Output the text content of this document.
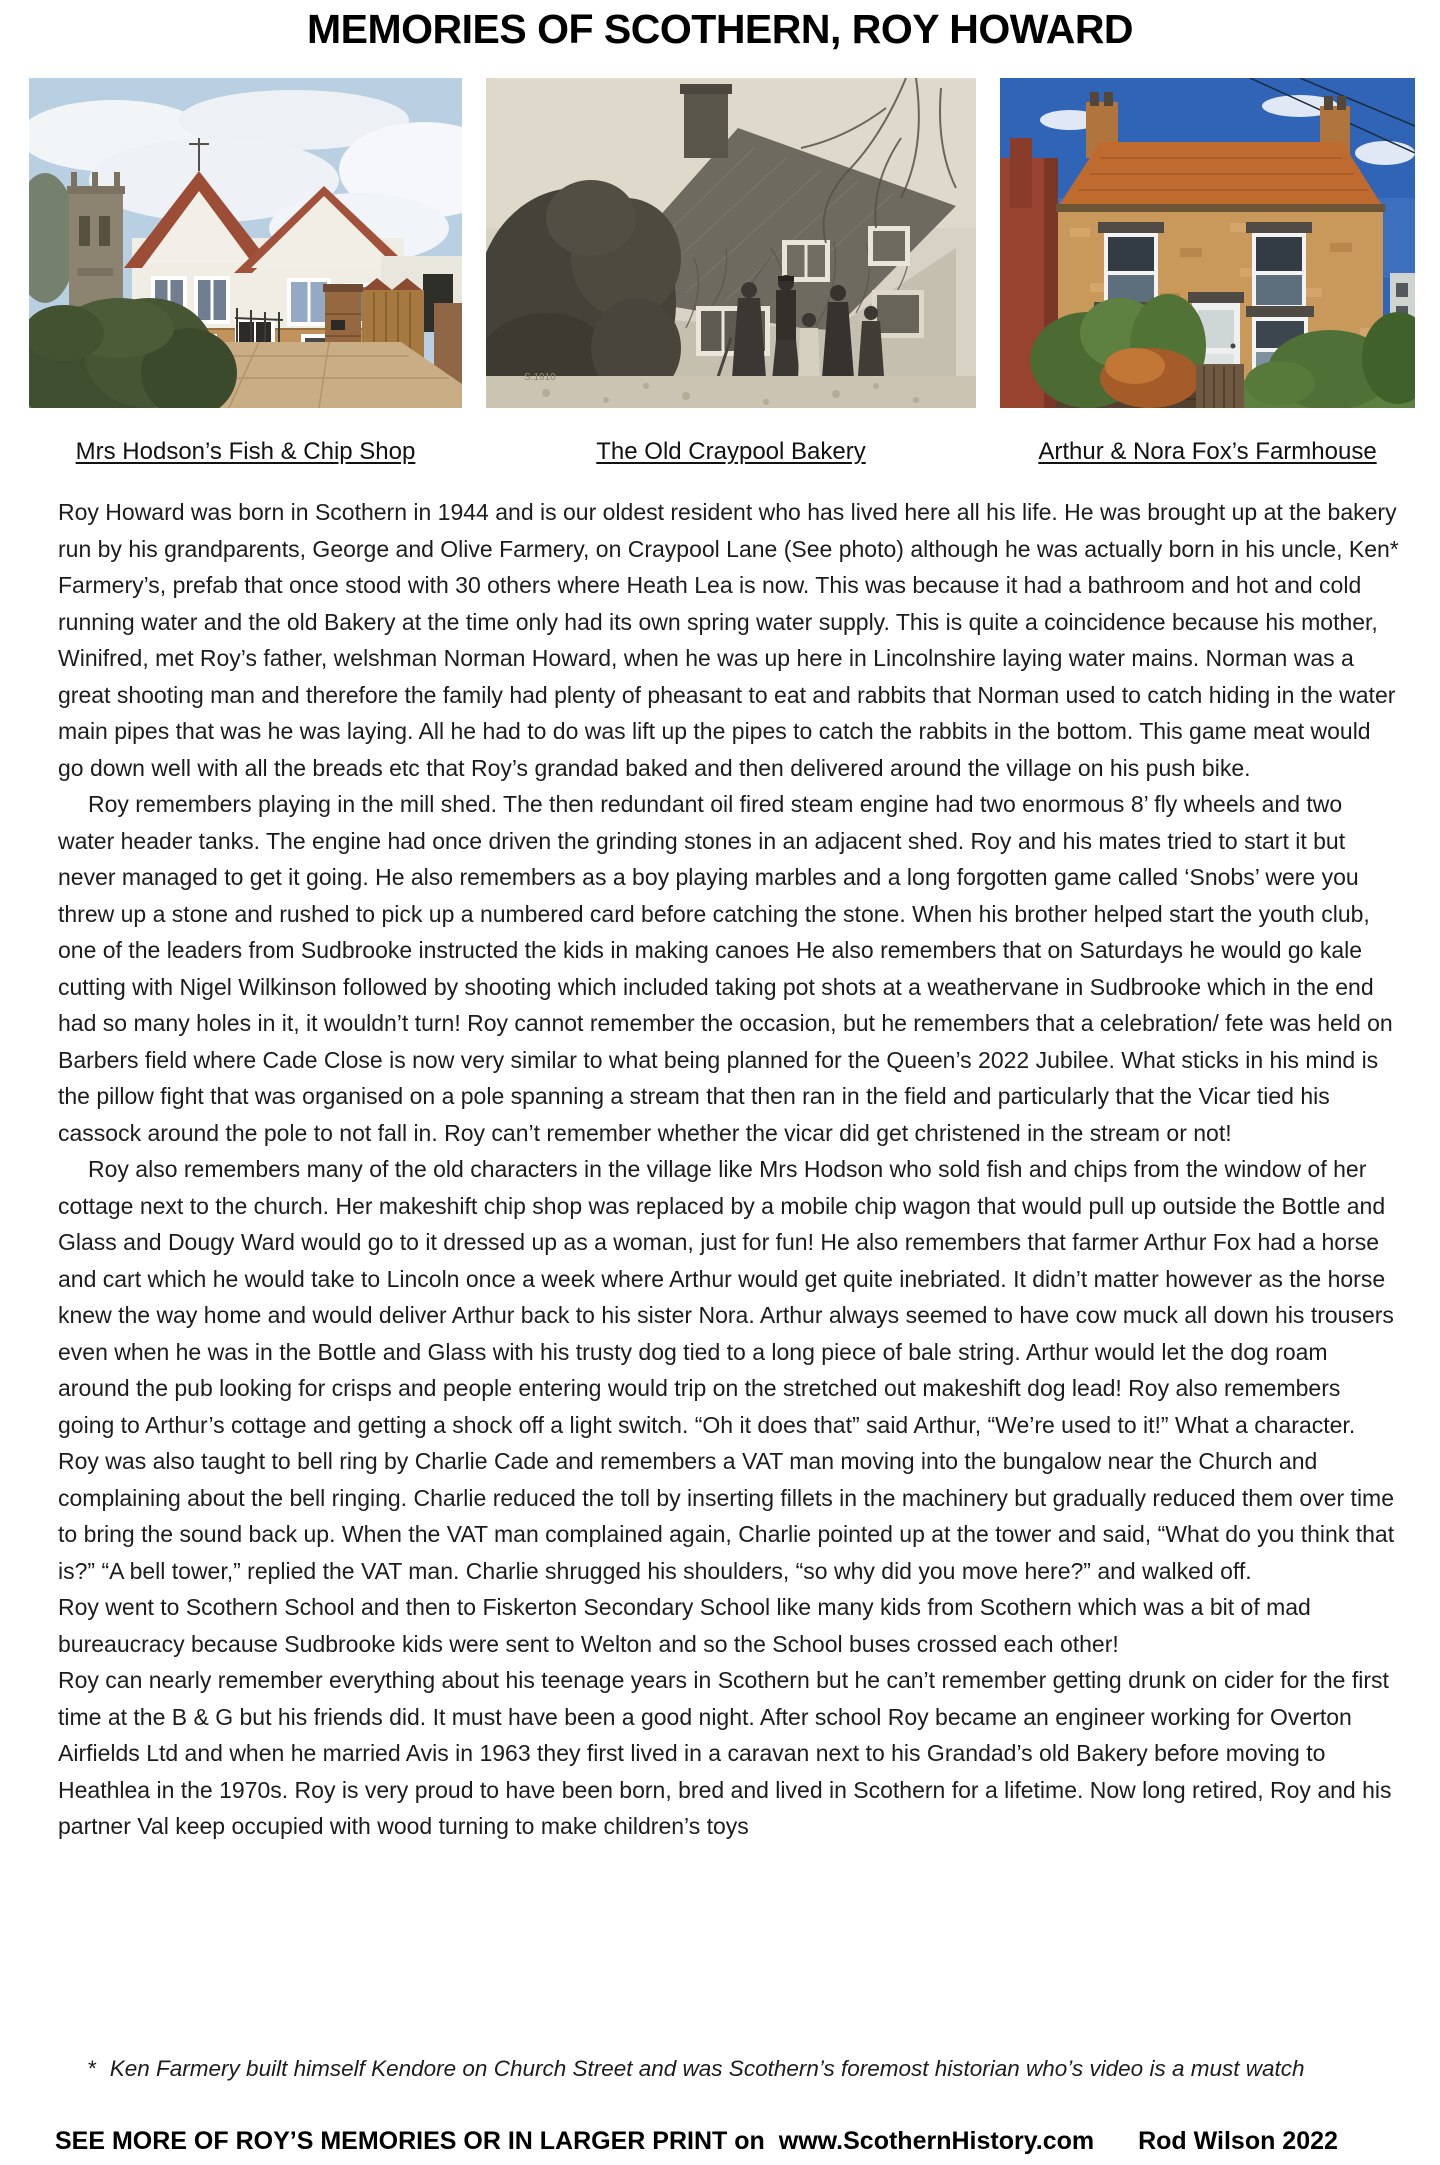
MEMORIES OF SCOTHERN, ROY HOWARD
S.1910
Mrs Hodson’s Fish & Chip Shop	The Old Craypool Bakery	Arthur & Nora Fox’s Farmhouse

Roy Howard was born in Scothern in 1944 and is our oldest resident who has lived here all his life. He was brought up at the bakery run by his grandparents, George and Olive Farmery, on Craypool Lane (See photo) although he was actually born in his uncle, Ken* Farmery’s, prefab that once stood with 30 others where Heath Lea is now. This was because it had a bathroom and hot and cold running water and the old Bakery at the time only had its own spring water supply. This is quite a coincidence because his mother, Winifred, met Roy’s father, welshman Norman Howard, when he was up here in Lincolnshire laying water mains. Norman was a great shooting man and therefore the family had plenty of pheasant to eat and rabbits that Norman used to catch hiding in the water main pipes that was he was laying. All he had to do was lift up the pipes to catch the rabbits in the bottom. This game meat would go down well with all the breads etc that Roy’s grandad baked and then delivered around the village on his push bike.

Roy remembers playing in the mill shed. The then redundant oil fired steam engine had two enormous 8’ fly wheels and two water header tanks. The engine had once driven the grinding stones in an adjacent shed. Roy and his mates tried to start it but never managed to get it going. He also remembers as a boy playing marbles and a long forgotten game called ‘Snobs’ were you threw up a stone and rushed to pick up a numbered card before catching the stone. When his brother helped start the youth club, one of the leaders from Sudbrooke instructed the kids in making canoes He also remembers that on Saturdays he would go kale cutting with Nigel Wilkinson followed by shooting which included taking pot shots at a weathervane in Sudbrooke which in the end had so many holes in it, it wouldn’t turn! Roy cannot remember the occasion, but he remembers that a celebration/ fete was held on Barbers field where Cade Close is now very similar to what being planned for the Queen’s 2022 Jubilee. What sticks in his mind is the pillow fight that was organised on a pole spanning a stream that then ran in the field and particularly that the Vicar tied his cassock around the pole to not fall in. Roy can’t remember whether the vicar did get christened in the stream or not!

Roy also remembers many of the old characters in the village like Mrs Hodson who sold fish and chips from the window of her cottage next to the church. Her makeshift chip shop was replaced by a mobile chip wagon that would pull up outside the Bottle and Glass and Dougy Ward would go to it dressed up as a woman, just for fun! He also remembers that farmer Arthur Fox had a horse and cart which he would take to Lincoln once a week where Arthur would get quite inebriated. It didn’t matter however as the horse knew the way home and would deliver Arthur back to his sister Nora. Arthur always seemed to have cow muck all down his trousers even when he was in the Bottle and Glass with his trusty dog tied to a long piece of bale string. Arthur would let the dog roam around the pub looking for crisps and people entering would trip on the stretched out makeshift dog lead! Roy also remembers going to Arthur’s cottage and getting a shock off a light switch. “Oh it does that” said Arthur, “We’re used to it!” What a character.

Roy was also taught to bell ring by Charlie Cade and remembers a VAT man moving into the bungalow near the Church and complaining about the bell ringing. Charlie reduced the toll by inserting fillets in the machinery but gradually reduced them over time to bring the sound back up. When the VAT man complained again, Charlie pointed up at the tower and said, “What do you think that is?” “A bell tower,” replied the VAT man. Charlie shrugged his shoulders, “so why did you move here?” and walked off.

Roy went to Scothern School and then to Fiskerton Secondary School like many kids from Scothern which was a bit of mad bureaucracy because Sudbrooke kids were sent to Welton and so the School buses crossed each other!

Roy can nearly remember everything about his teenage years in Scothern but he can’t remember getting drunk on cider for the first time at the B & G but his friends did. It must have been a good night. After school Roy became an engineer working for Overton Airfields Ltd and when he married Avis in 1963 they first lived in a caravan next to his Grandad’s old Bakery before moving to Heathlea in the 1970s. Roy is very proud to have been born, bred and lived in Scothern for a lifetime. Now long retired, Roy and his partner Val keep occupied with wood turning to make children’s toys

* Ken Farmery built himself Kendore on Church Street and was Scothern’s foremost historian who’s video is a must watch
SEE MORE OF ROY’S MEMORIES OR IN LARGER PRINT on www.ScothernHistory.com Rod Wilson 2022
